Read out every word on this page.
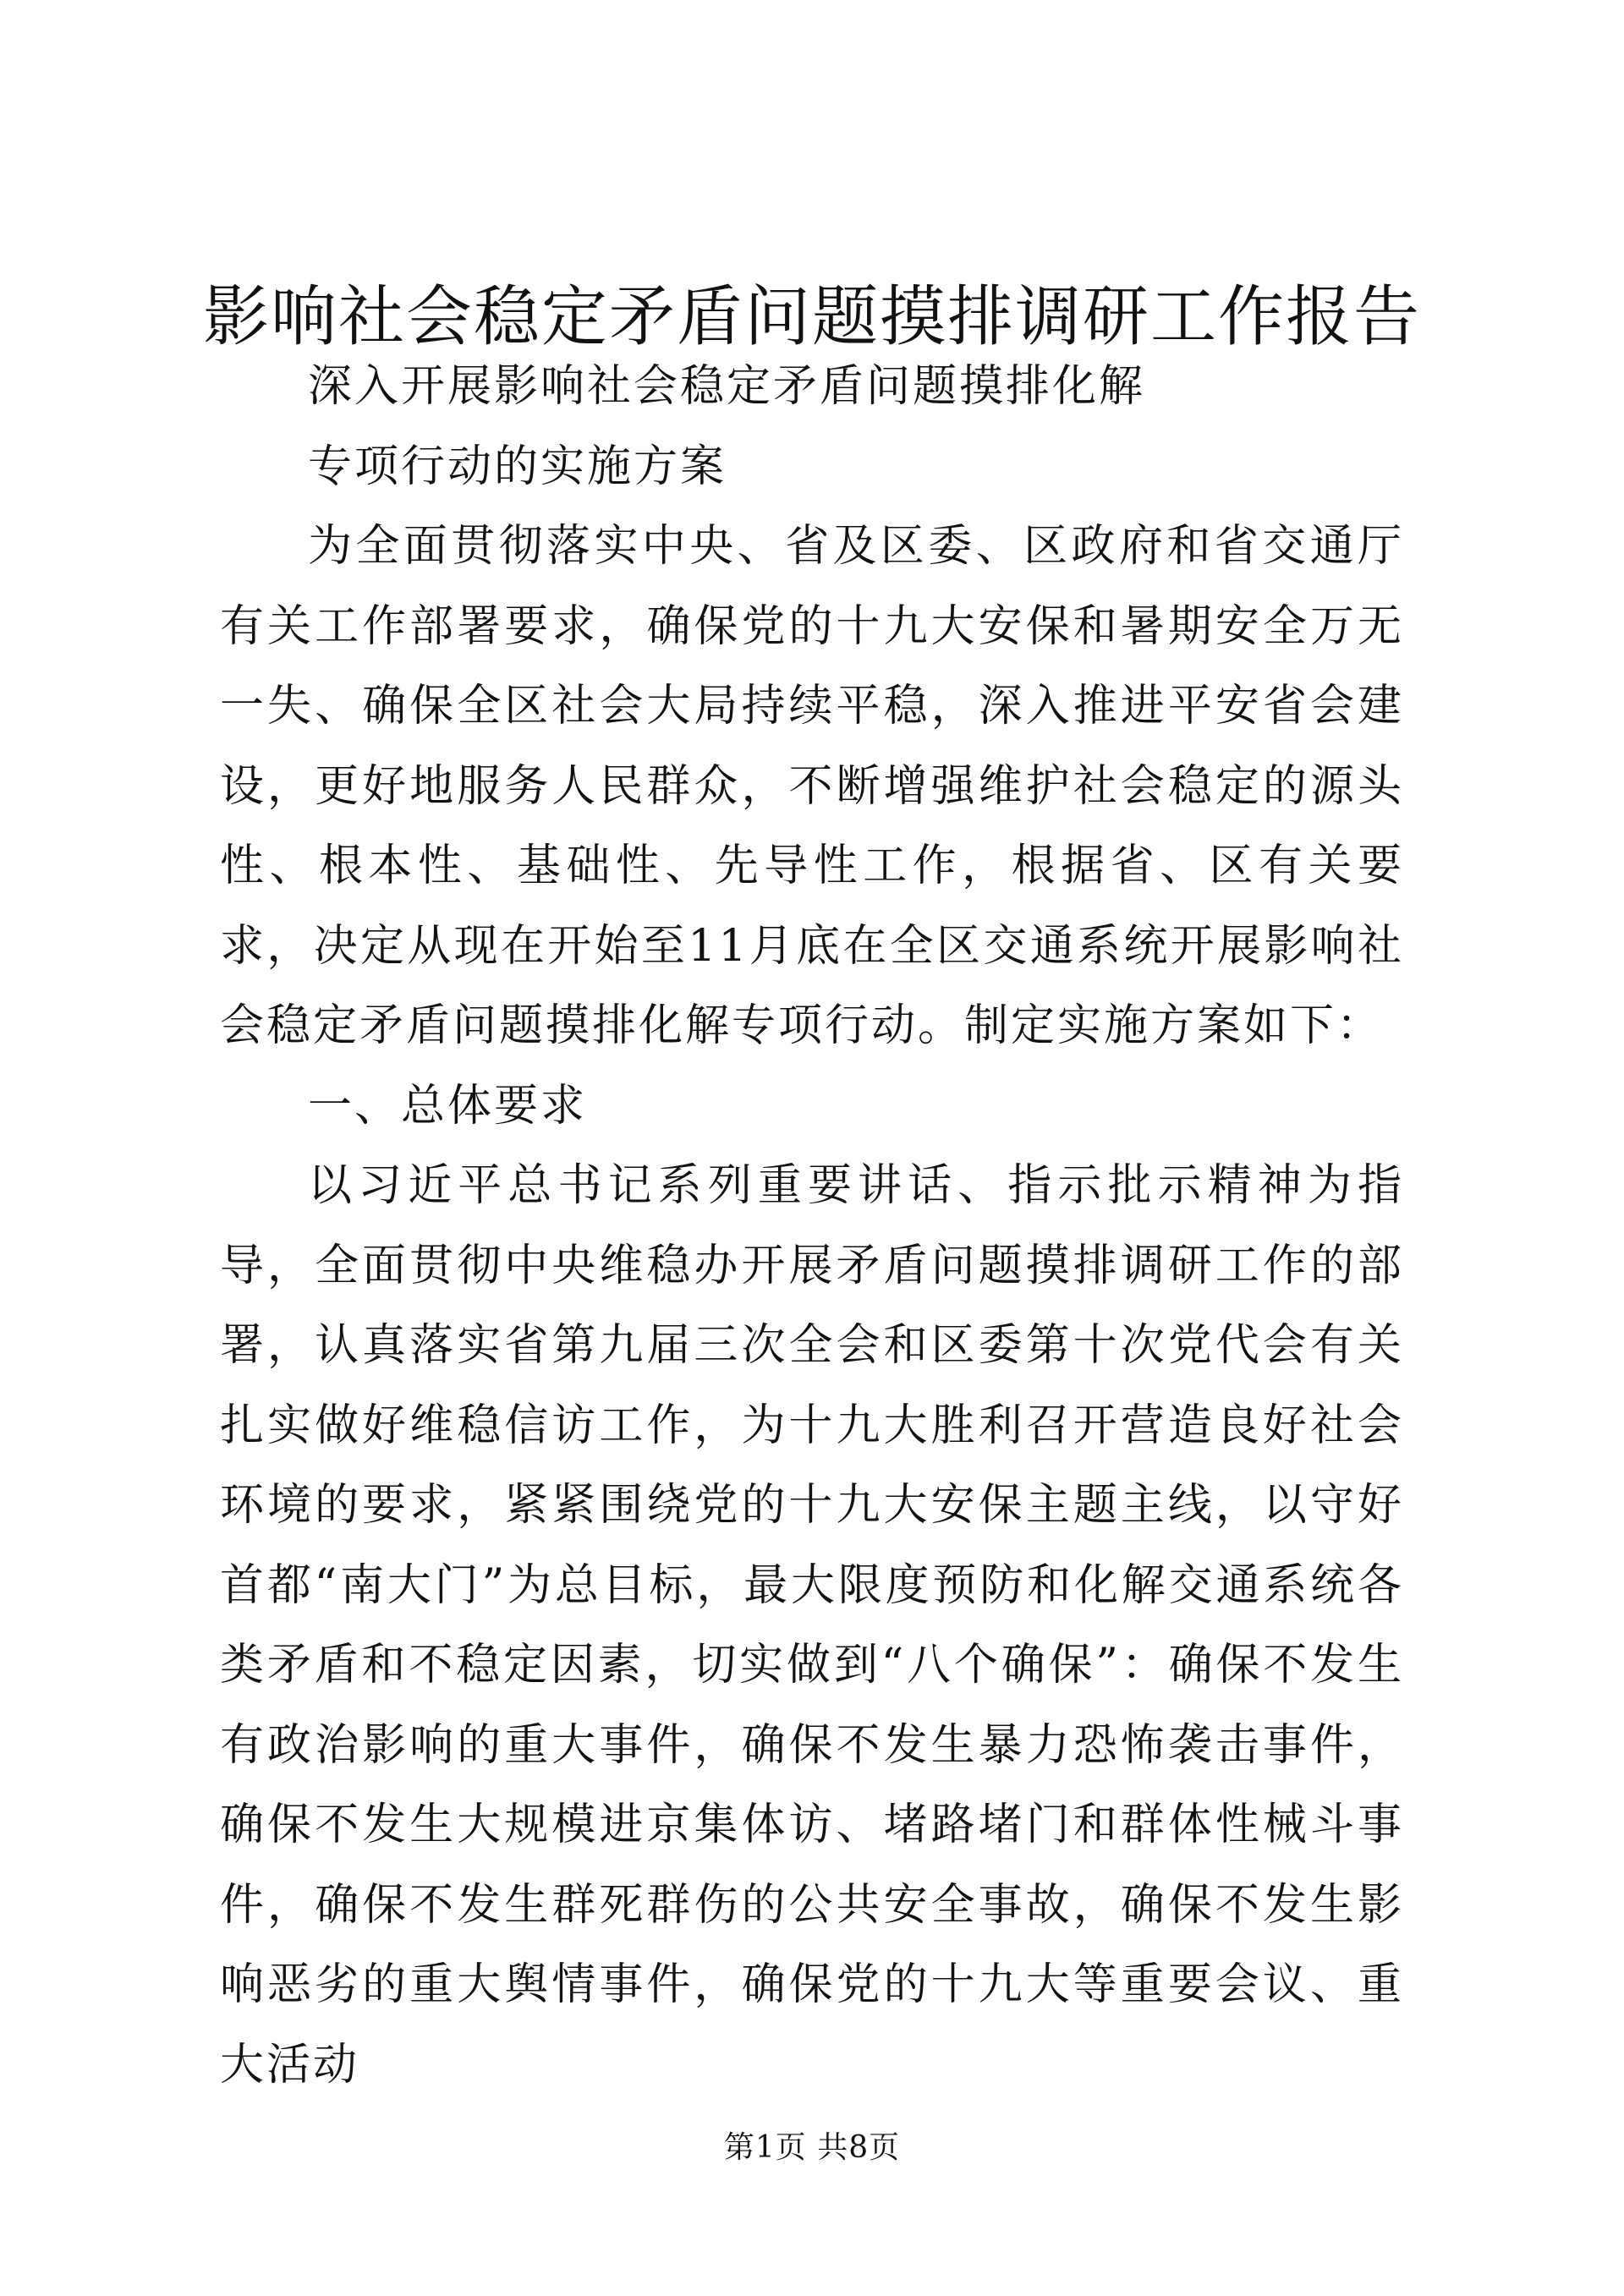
影响社会稳定矛盾问题摸排调研工作报告

深入开展影响社会稳定矛盾问题摸排化解

专项行动的实施方案

为全面贯彻落实中央、省及区委、区政府和省交通厅有关工作部署要求，确保党的十九大安保和暑期安全万无一失、确保全区社会大局持续平稳，深入推进平安省会建设，更好地服务人民群众，不断增强维护社会稳定的源头性、根本性、基础性、先导性工作，根据省、区有关要求，决定从现在开始至11月底在全区交通系统开展影响社会稳定矛盾问题摸排化解专项行动。制定实施方案如下：

一、总体要求

以习近平总书记系列重要讲话、指示批示精神为指导，全面贯彻中央维稳办开展矛盾问题摸排调研工作的部署，认真落实省第九届三次全会和区委第十次党代会有关扎实做好维稳信访工作，为十九大胜利召开营造良好社会环境的要求，紧紧围绕党的十九大安保主题主线，以守好首都“南大门”为总目标，最大限度预防和化解交通系统各类矛盾和不稳定因素，切实做到“八个确保”：确保不发生有政治影响的重大事件，确保不发生暴力恐怖袭击事件，确保不发生大规模进京集体访、堵路堵门和群体性械斗事件，确保不发生群死群伤的公共安全事故，确保不发生影响恶劣的重大舆情事件，确保党的十九大等重要会议、重大活动

第1页 共8页
